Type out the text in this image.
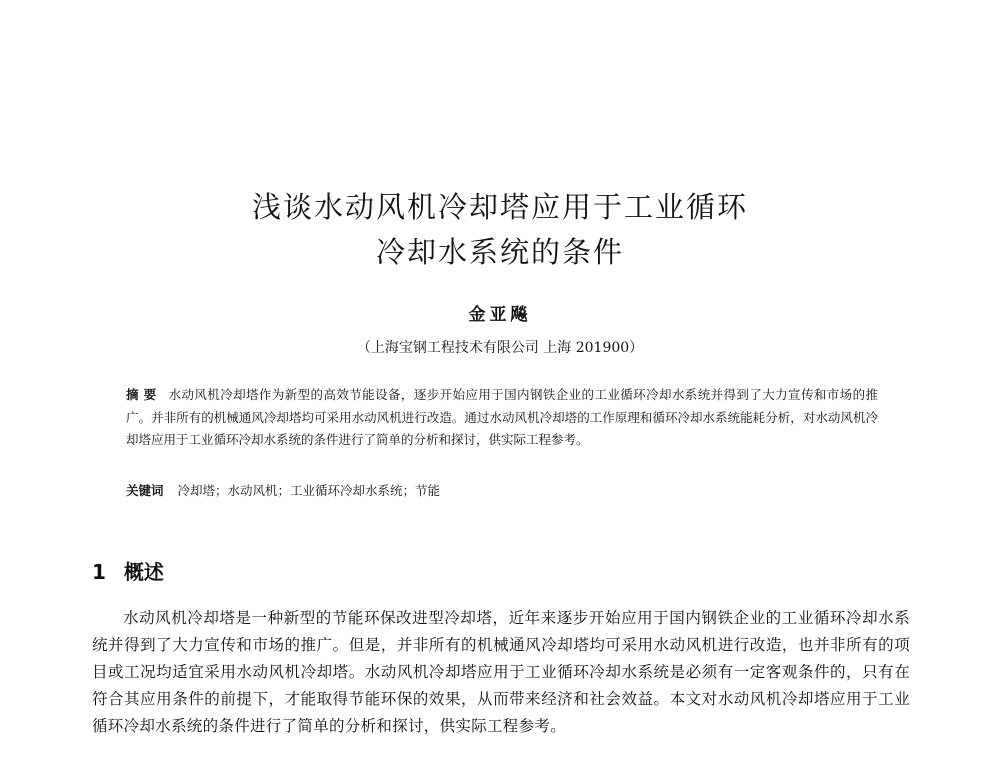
浅谈水动风机冷却塔应用于工业循环
冷却水系统的条件
金亚飚
（上海宝钢工程技术有限公司 上海 201900）
摘 要 水动风机冷却塔作为新型的高效节能设备，逐步开始应用于国内钢铁企业的工业循环冷却水系统并得到了大力宣传和市场的推广。并非所有的机械通风冷却塔均可采用水动风机进行改造。通过水动风机冷却塔的工作原理和循环冷却水系统能耗分析，对水动风机冷却塔应用于工业循环冷却水系统的条件进行了简单的分析和探讨，供实际工程参考。
关键词 冷却塔；水动风机；工业循环冷却水系统；节能
1 概述
水动风机冷却塔是一种新型的节能环保改进型冷却塔，近年来逐步开始应用于国内钢铁企业的工业循环冷却水系统并得到了大力宣传和市场的推广。但是，并非所有的机械通风冷却塔均可采用水动风机进行改造，也并非所有的项目或工况均适宜采用水动风机冷却塔。水动风机冷却塔应用于工业循环冷却水系统是必须有一定客观条件的，只有在符合其应用条件的前提下，才能取得节能环保的效果，从而带来经济和社会效益。本文对水动风机冷却塔应用于工业循环冷却水系统的条件进行了简单的分析和探讨，供实际工程参考。
